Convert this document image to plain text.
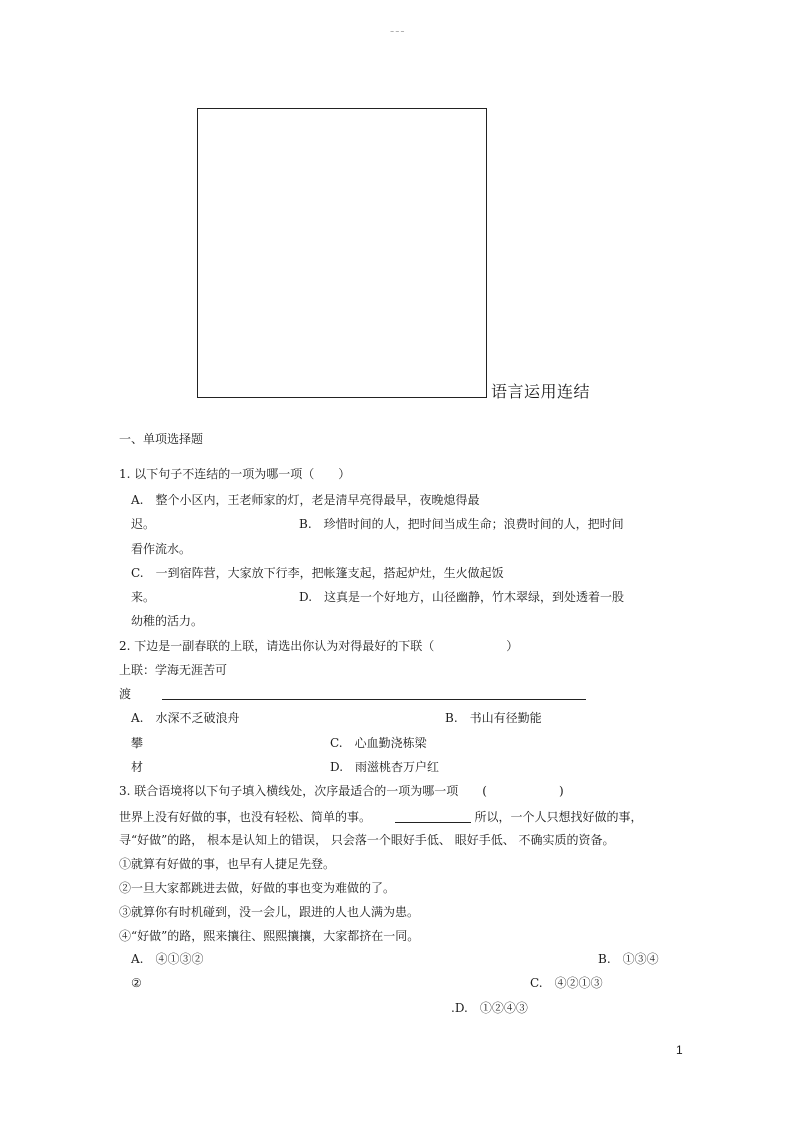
~~~
语言运用连结
一、单项选择题
1. 以下句子不连结的一项为哪一项（　　）
A.　整个小区内，王老师家的灯，老是清早亮得最早，夜晚熄得最
迟。	B.　珍惜时间的人，把时间当成生命；浪费时间的人，把时间
看作流水。
C.　一到宿阵营，大家放下行李，把帐篷支起，搭起炉灶，生火做起饭
来。	D.　这真是一个好地方，山径幽静，竹木翠绿，到处透着一股
幼稚的活力。
2. 下边是一副春联的上联，请选出你认为对得最好的下联（　　　　　　）
上联：学海无涯苦可
渡
A.　水深不乏破浪舟	B.　书山有径勤能
攀	C.　心血勤浇栋梁
材	D.　雨滋桃杏万户红
3. 联合语境将以下句子填入横线处，次序最适合的一项为哪一项　　(　　　　　　)
世界上没有好做的事，也没有轻松、简单的事。	所以，一个人只想找好做的事，
寻“好做”的路， 根本是认知上的错误， 只会落一个眼好手低、 眼好手低、 不确实质的资备。
①就算有好做的事，也早有人捷足先登。
②一旦大家都跳进去做，好做的事也变为难做的了。
③就算你有时机碰到，没一会儿，跟进的人也人满为患。
④“好做”的路，熙来攘往、熙熙攘攘，大家都挤在一同。
A.　④①③②	B.　①③④
②	C.　④②①③
.D.　①②④③
1
